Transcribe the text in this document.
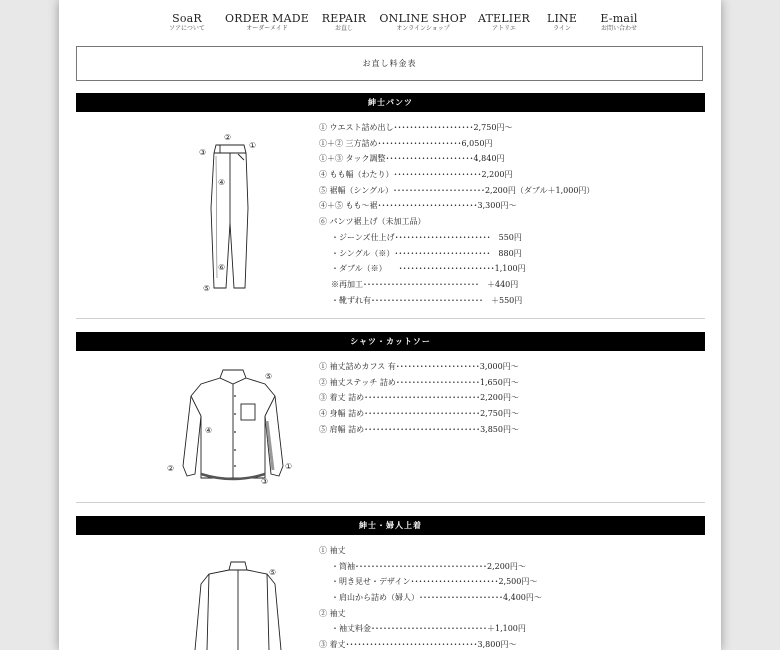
SoaR
ソアについて
ORDER MADE
オーダーメイド
REPAIR
お直し
ONLINE SHOP
オンラインショップ
ATELIER
アトリエ
LINE
ライン
E-mail
お問い合わせ
お直し料金表
紳士パンツ
②
①
③
④
⑥
⑤
① ウエスト詰め出し････････････････････2,750円～
①＋② 三方詰め･････････････････････6,050円
①＋③ タック調整･･････････････････････4,840円
④ もも幅（わたり）･･････････････････････2,200円
⑤ 裾幅（シングル）･･･････････････････････2,200円（ダブル＋1,000円）
④＋⑤ もも～裾･････････････････････････3,300円～
⑥ パンツ裾上げ（未加工品）
・ジーンズ仕上げ････････････････････････　550円
・シングル（※）････････････････････････　880円
・ダブル（※）　　････････････････････････1,100円
※再加工･････････････････････････････　＋440円
・靴ずれ有････････････････････････････　＋550円
シャツ・カットソー
⑤
④
②	①
③
① 袖丈詰めカフス 有･････････････････････3,000円～
② 袖丈ステッチ 詰め･････････････････････1,650円～
③ 着丈 詰め･････････････････････････････2,200円～
④ 身幅 詰め･････････････････････････････2,750円～
⑤ 肩幅 詰め･････････････････････････････3,850円～
紳士・婦人上着
⑤
① 袖丈
・筒袖･････････････････････････････････2,200円～
・明き見せ・デザイン･･････････････････････2,500円～
・肩山から詰め（婦人）･････････････････････4,400円～
② 袖丈
・袖丈料金･････････････････････････････＋1,100円
③ 着丈･････････････････････････････････3,800円～
